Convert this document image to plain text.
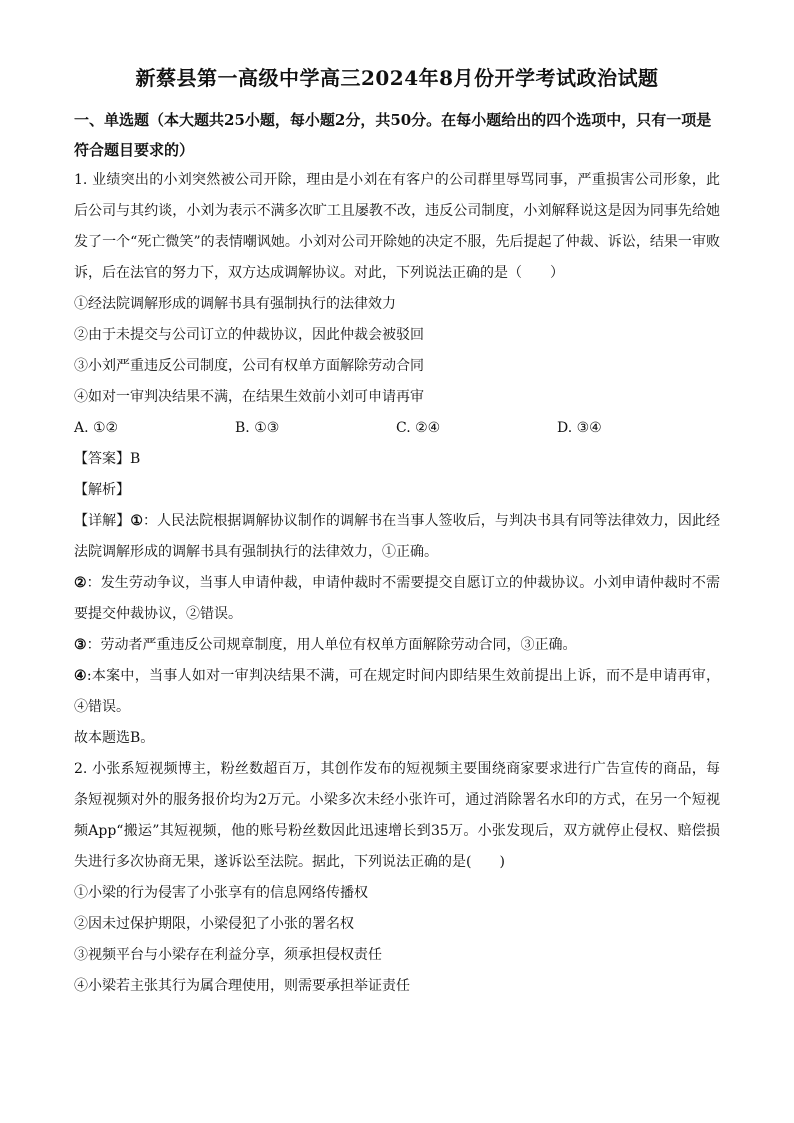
新蔡县第一高级中学高三2024年8月份开学考试政治试题

一、单选题（本大题共25小题，每小题2分，共50分。在每小题给出的四个选项中，只有一项是符合题目要求的）

1. 业绩突出的小刘突然被公司开除，理由是小刘在有客户的公司群里辱骂同事，严重损害公司形象，此后公司与其约谈，小刘为表示不满多次旷工且屡教不改，违反公司制度，小刘解释说这是因为同事先给她发了一个“死亡微笑”的表情嘲讽她。小刘对公司开除她的决定不服，先后提起了仲裁、诉讼，结果一审败诉，后在法官的努力下，双方达成调解协议。对此，下列说法正确的是（　　）

①经法院调解形成的调解书具有强制执行的法律效力

②由于未提交与公司订立的仲裁协议，因此仲裁会被驳回

③小刘严重违反公司制度，公司有权单方面解除劳动合同

④如对一审判决结果不满，在结果生效前小刘可申请再审

A. ①②	B. ①③	C. ②④	D. ③④

【答案】B

【解析】

【详解】①：人民法院根据调解协议制作的调解书在当事人签收后，与判决书具有同等法律效力，因此经法院调解形成的调解书具有强制执行的法律效力，①正确。

②：发生劳动争议，当事人申请仲裁，申请仲裁时不需要提交自愿订立的仲裁协议。小刘申请仲裁时不需要提交仲裁协议，②错误。

③：劳动者严重违反公司规章制度，用人单位有权单方面解除劳动合同，③正确。

④:本案中，当事人如对一审判决结果不满，可在规定时间内即结果生效前提出上诉，而不是申请再审，④错误。

故本题选B。

2. 小张系短视频博主，粉丝数超百万，其创作发布的短视频主要围绕商家要求进行广告宣传的商品，每条短视频对外的服务报价均为2万元。小梁多次未经小张许可，通过消除署名水印的方式，在另一个短视频App“搬运”其短视频，他的账号粉丝数因此迅速增长到35万。小张发现后，双方就停止侵权、赔偿损失进行多次协商无果，遂诉讼至法院。据此，下列说法正确的是(　　)

①小梁的行为侵害了小张享有的信息网络传播权

②因未过保护期限，小梁侵犯了小张的署名权

③视频平台与小梁存在利益分享，须承担侵权责任

④小梁若主张其行为属合理使用，则需要承担举证责任
